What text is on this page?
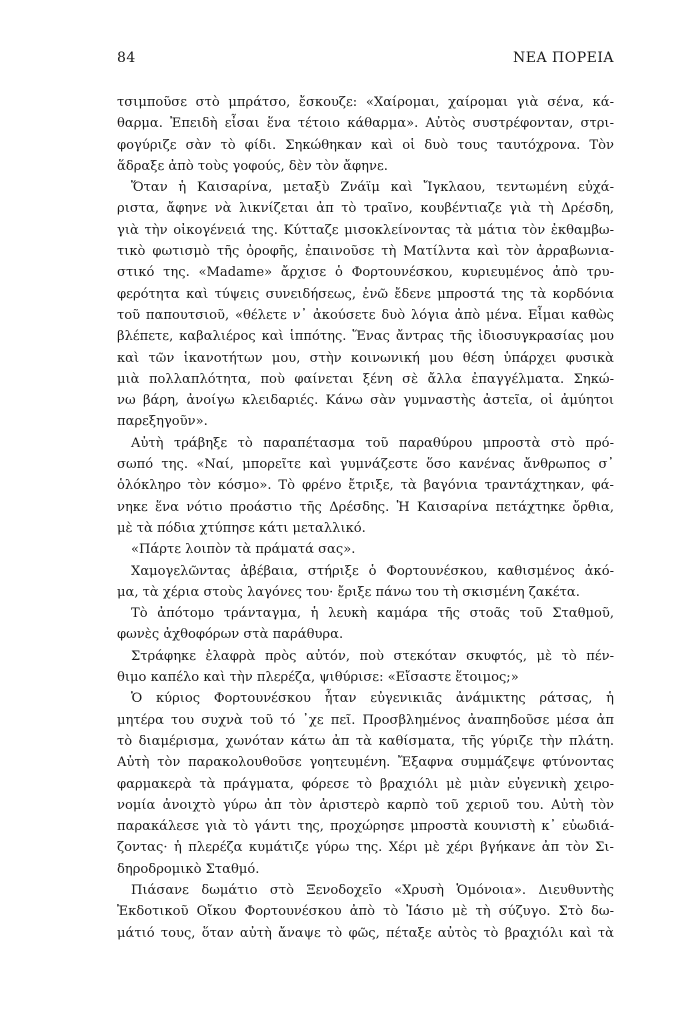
84	ΝΕΑ ΠΟΡΕΙΑ
τσιμποῦσε στὸ μπράτσο, ἔσκουζε: «Χαίρομαι, χαίρομαι γιὰ σένα, κά-
θαρμα. Ἐπειδὴ εἶσαι ἕνα τέτοιο κάθαρμα». Αὐτὸς συστρέφονταν, στρι-
φογύριζε σὰν τὸ φίδι. Σηκώθηκαν καὶ οἱ δυὸ τους ταυτόχρονα. Τὸν
ἅδραξε ἀπὸ τοὺς γοφούς, δὲν τὸν ἄφηνε.
Ὅταν ἡ Καισαρίνα, μεταξὺ Ζνάϊμ καὶ Ἴγκλαου, τεντωμένη εὐχά-
ριστα, ἄφηνε νὰ λικνίζεται ἀπ τὸ τραῖνο, κουβέντιαζε γιὰ τὴ Δρέσδη,
γιὰ τὴν οἰκογένειά της. Κύτταζε μισοκλείνοντας τὰ μάτια τὸν ἐκθαμβω-
τικὸ φωτισμὸ τῆς ὀροφῆς, ἐπαινοῦσε τὴ Ματίλντα καὶ τὸν ἀρραβωνια-
στικό της. «Madame» ἄρχισε ὁ Φορτουνέσκου, κυριευμένος ἀπὸ τρυ-
φερότητα καὶ τύψεις συνειδήσεως, ἐνῶ ἔδενε μπροστά της τὰ κορδόνια
τοῦ παπουτσιοῦ, «θέλετε ν᾽ ἀκούσετε δυὸ λόγια ἀπὸ μένα. Εἶμαι καθὼς
βλέπετε, καβαλιέρος καὶ ἱππότης. Ἕνας ἄντρας τῆς ἰδιοσυγκρασίας μου
καὶ τῶν ἱκανοτήτων μου, στὴν κοινωνική μου θέση ὑπάρχει φυσικὰ
μιὰ πολλαπλότητα, ποὺ φαίνεται ξένη σὲ ἄλλα ἐπαγγέλματα. Σηκώ-
νω βάρη, ἀνοίγω κλειδαριές. Κάνω σὰν γυμναστὴς ἀστεῖα, οἱ ἀμύητοι
παρεξηγοῦν».
Αὐτὴ τράβηξε τὸ παραπέτασμα τοῦ παραθύρου μπροστὰ στὸ πρό-
σωπό της. «Ναί, μπορεῖτε καὶ γυμνάζεστε ὅσο κανένας ἄνθρωπος σ᾽
ὁλόκληρο τὸν κόσμο». Τὸ φρένο ἔτριξε, τὰ βαγόνια τραντάχτηκαν, φά-
νηκε ἕνα νότιο προάστιο τῆς Δρέσδης. Ἡ Καισαρίνα πετάχτηκε ὄρθια,
μὲ τὰ πόδια χτύπησε κάτι μεταλλικό.
«Πάρτε λοιπὸν τὰ πράματά σας».
Χαμογελῶντας ἀβέβαια, στήριξε ὁ Φορτουνέσκου, καθισμένος ἀκό-
μα, τὰ χέρια στοὺς λαγόνες του· ἔριξε πάνω του τὴ σκισμένη ζακέτα.
Τὸ ἀπότομο τράνταγμα, ἡ λευκὴ καμάρα τῆς στοᾶς τοῦ Σταθμοῦ,
φωνὲς ἀχθοφόρων στὰ παράθυρα.
Στράφηκε ἐλαφρὰ πρὸς αὐτόν, ποὺ στεκόταν σκυφτός, μὲ τὸ πέν-
θιμο καπέλο καὶ τὴν πλερέζα, ψιθύρισε: «Εἴσαστε ἕτοιμος;»
Ὁ κύριος Φορτουνέσκου ἦταν εὐγενικιᾶς ἀνάμικτης ράτσας, ἡ
μητέρα του συχνὰ τοῦ τό ᾽χε πεῖ. Προσβλημένος ἀναπηδοῦσε μέσα ἀπ
τὸ διαμέρισμα, χωνόταν κάτω ἀπ τὰ καθίσματα, τῆς γύριζε τὴν πλάτη.
Αὐτὴ τὸν παρακολουθοῦσε γοητευμένη. Ἔξαφνα συμμάζεψε φτύνοντας
φαρμακερὰ τὰ πράγματα, φόρεσε τὸ βραχιόλι μὲ μιὰν εὐγενικὴ χειρο-
νομία ἀνοιχτὸ γύρω ἀπ τὸν ἀριστερὸ καρπὸ τοῦ χεριοῦ του. Αὐτὴ τὸν
παρακάλεσε γιὰ τὸ γάντι της, προχώρησε μπροστὰ κουνιστὴ κ᾽ εὐωδιά-
ζοντας· ἡ πλερέζα κυμάτιζε γύρω της. Χέρι μὲ χέρι βγήκανε ἀπ τὸν Σι-
δηροδρομικὸ Σταθμό.
Πιάσανε δωμάτιο στὸ Ξενοδοχεῖο «Χρυσὴ Ὁμόνοια». Διευθυντὴς
Ἐκδοτικοῦ Οἴκου Φορτουνέσκου ἀπὸ τὸ Ἰάσιο μὲ τὴ σύζυγο. Στὸ δω-
μάτιό τους, ὅταν αὐτὴ ἄναψε τὸ φῶς, πέταξε αὐτὸς τὸ βραχιόλι καὶ τὰ
